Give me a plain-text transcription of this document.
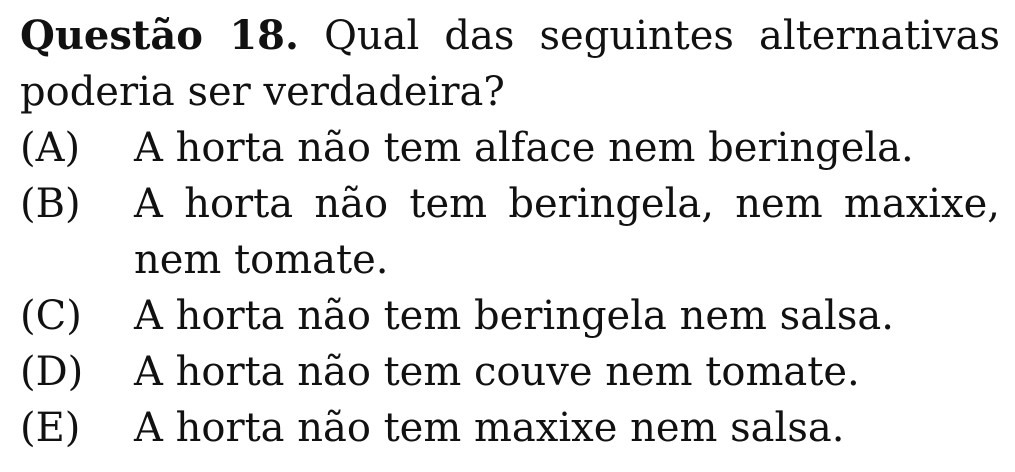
Questão 18. Qual das seguintes alternativas poderia ser verdadeira?

(A)	A horta não tem alface nem beringela.
(B)	A horta não tem beringela, nem maxixe, nem tomate.
(C)	A horta não tem beringela nem salsa.
(D)	A horta não tem couve nem tomate.
(E)	A horta não tem maxixe nem salsa.
